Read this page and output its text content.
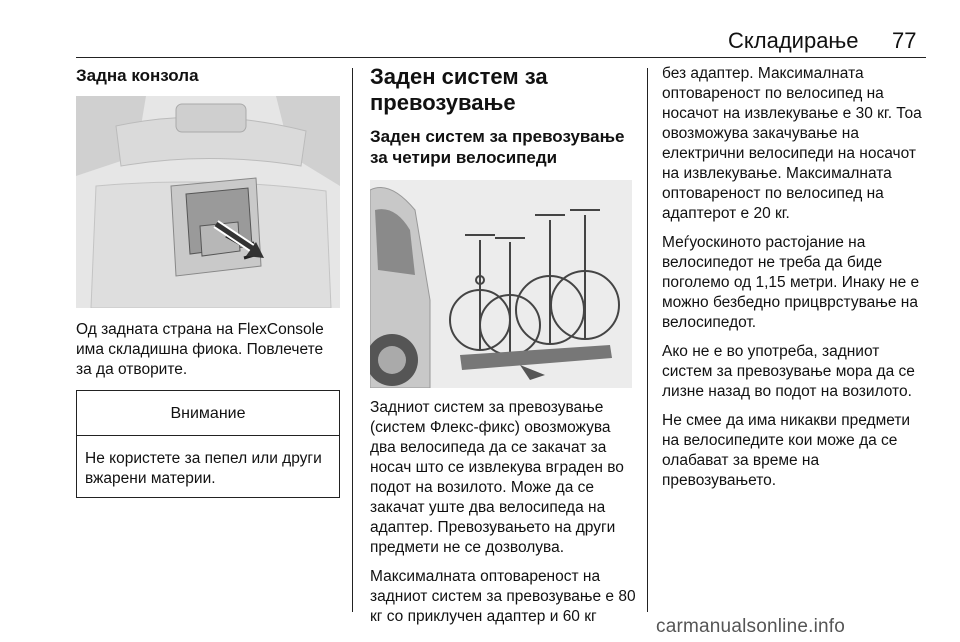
Складирање 77
Задна конзола

Од задната страна на FlexConsole има складишна фиока. Повлечете за да отворите.

Внимание
Не користете за пепел или други вжарени материи.
Заден систем за превозување
Заден систем за превозување за четири велосипеди

Задниот систем за превозување (систем Флекс-фикс) овозможува два велосипеда да се закачат за носач што се извлекува вграден во подот на возилото. Може да се закачат уште два велосипеда на адаптер. Превозувањето на други предмети не се дозволува.

Максималната оптовареност на задниот систем за превозување е 80 кг со приклучен адаптер и 60 кг

без адаптер. Максималната оптовареност по велосипед на носачот на извлекување е 30 кг. Тоа овозможува закачување на електрични велосипеди на носачот на извлекување. Максималната оптовареност по велосипед на адаптерот е 20 кг.

Меѓуоскиното растојание на велосипедот не треба да биде поголемо од 1,15 метри. Инаку не е можно безбедно прицврстување на велосипедот.

Ако не е во употреба, задниот систем за превозување мора да се лизне назад во подот на возилото.

Не смее да има никакви предмети на велосипедите кои може да се олабават за време на превозувањето.

carmanualsonline.info
